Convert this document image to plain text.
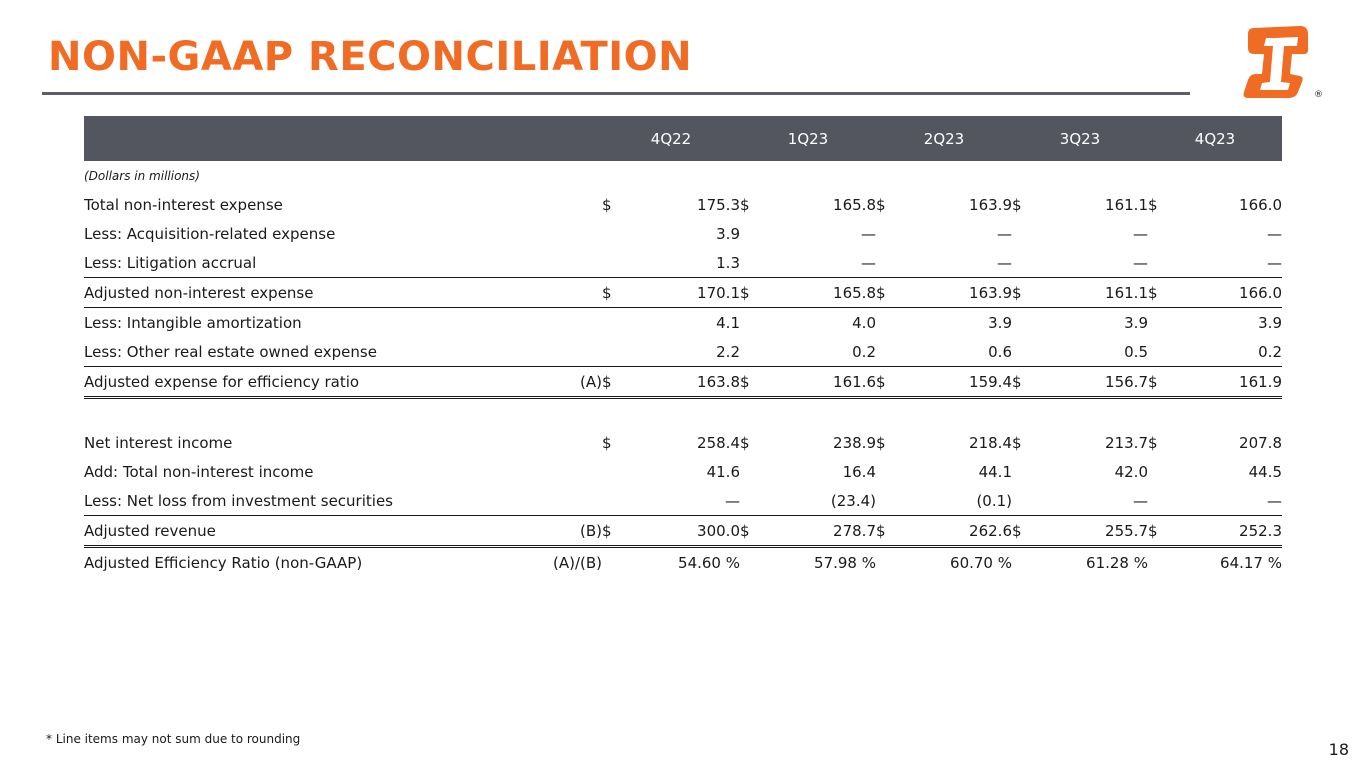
NON-GAAP RECONCILIATION
®
		4Q22		1Q23		2Q23		3Q23		4Q23	
(Dollars in millions)											
Total non-interest expense		$	175.3	$	165.8	$	163.9	$	161.1	$	166.0
Less: Acquisition-related expense			3.9		—		—		—		—
Less: Litigation accrual			1.3		—		—		—		—
Adjusted non-interest expense		$	170.1	$	165.8	$	163.9	$	161.1	$	166.0
Less: Intangible amortization			4.1		4.0		3.9		3.9		3.9
Less: Other real estate owned expense			2.2		0.2		0.6		0.5		0.2
Adjusted expense for efficiency ratio	(A)	$	163.8	$	161.6	$	159.4	$	156.7	$	161.9

Net interest income		$	258.4	$	238.9	$	218.4	$	213.7	$	207.8
Add: Total non-interest income			41.6		16.4		44.1		42.0		44.5
Less: Net loss from investment securities			—		(23.4)		(0.1)		—		—
Adjusted revenue	(B)	$	300.0	$	278.7	$	262.6	$	255.7	$	252.3
Adjusted Efficiency Ratio (non-GAAP)	(A)/(B)		54.60 %		57.98 %		60.70 %		61.28 %		64.17 %
* Line items may not sum due to rounding
18
